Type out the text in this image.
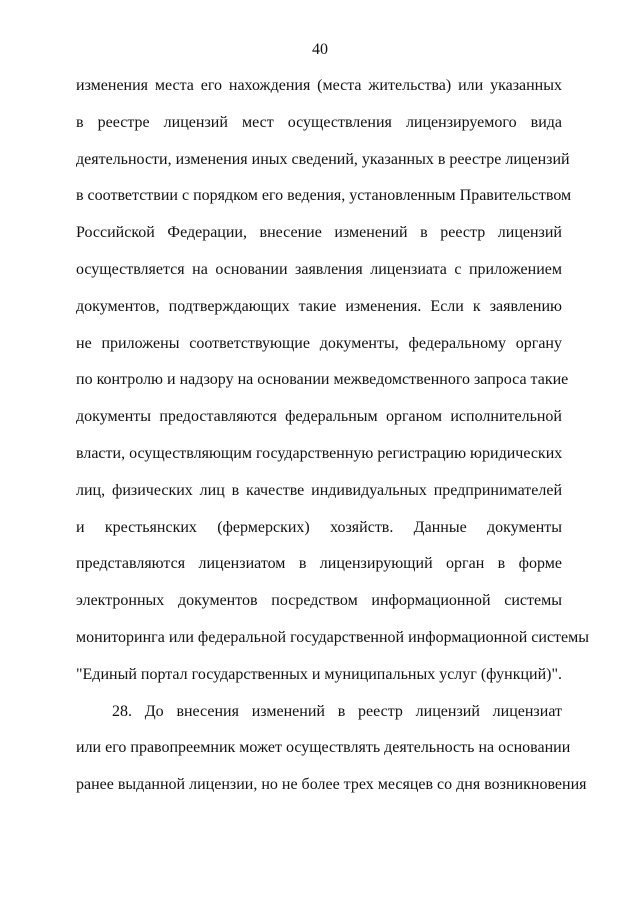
40
изменения места его нахождения (места жительства) или указанных
в реестре лицензий мест осуществления лицензируемого вида
деятельности, изменения иных сведений, указанных в реестре лицензий
в соответствии с порядком его ведения, установленным Правительством
Российской Федерации, внесение изменений в реестр лицензий
осуществляется на основании заявления лицензиата с приложением
документов, подтверждающих такие изменения. Если к заявлению
не приложены соответствующие документы, федеральному органу
по контролю и надзору на основании межведомственного запроса такие
документы предоставляются федеральным органом исполнительной
власти, осуществляющим государственную регистрацию юридических
лиц, физических лиц в качестве индивидуальных предпринимателей
и крестьянских (фермерских) хозяйств. Данные документы
представляются лицензиатом в лицензирующий орган в форме
электронных документов посредством информационной системы
мониторинга или федеральной государственной информационной системы
"Единый портал государственных и муниципальных услуг (функций)".
28. До внесения изменений в реестр лицензий лицензиат
или его правопреемник может осуществлять деятельность на основании
ранее выданной лицензии, но не более трех месяцев со дня возникновения
